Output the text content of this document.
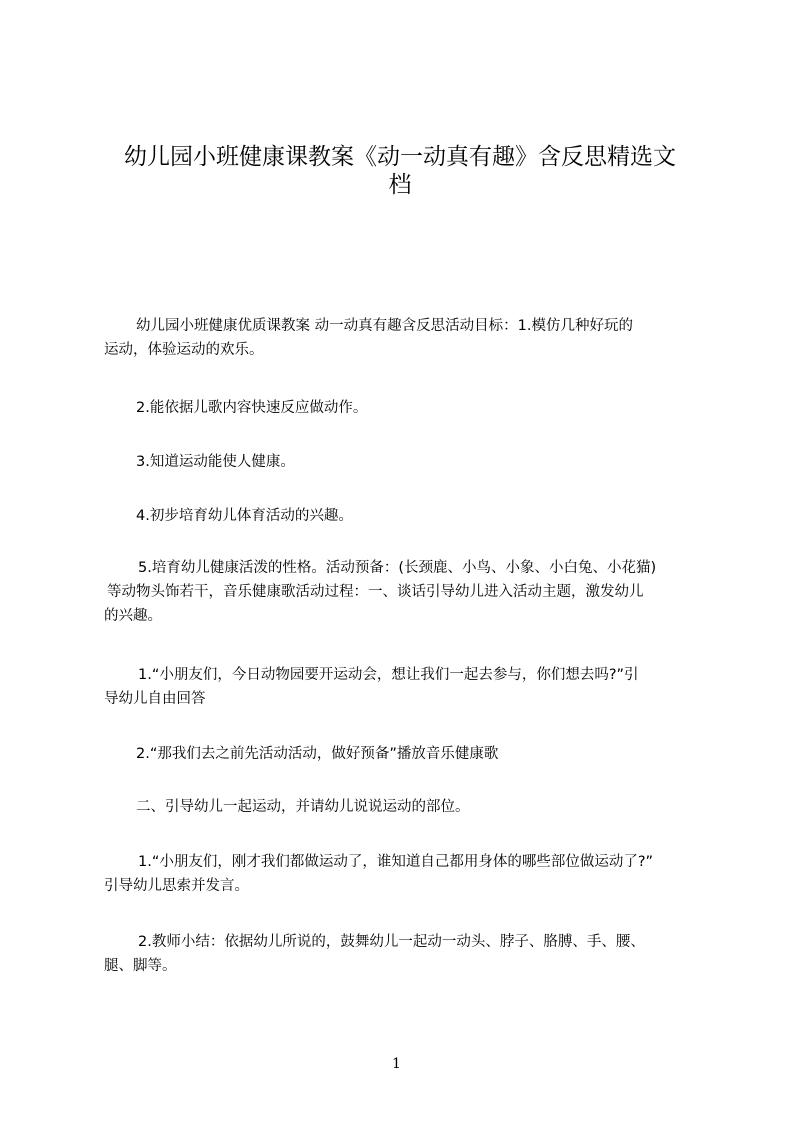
幼儿园小班健康课教案《动一动真有趣》含反思精选文
档

幼儿园小班健康优质课教案 动一动真有趣含反思活动目标：1.模仿几种好玩的
运动，体验运动的欢乐。

2.能依据儿歌内容快速反应做动作。

3.知道运动能使人健康。

4.初步培育幼儿体育活动的兴趣。

5.培育幼儿健康活泼的性格。活动预备：(长颈鹿、小鸟、小象、小白兔、小花猫)
等动物头饰若干，音乐健康歌活动过程：一、谈话引导幼儿进入活动主题，激发幼儿
的兴趣。

1.“小朋友们，今日动物园要开运动会，想让我们一起去参与，你们想去吗?”引
导幼儿自由回答

2.“那我们去之前先活动活动，做好预备”播放音乐健康歌

二、引导幼儿一起运动，并请幼儿说说运动的部位。

1.“小朋友们，刚才我们都做运动了，谁知道自己都用身体的哪些部位做运动了?”
引导幼儿思索并发言。

2.教师小结：依据幼儿所说的，鼓舞幼儿一起动一动头、脖子、胳膊、手、腰、
腿、脚等。

1
